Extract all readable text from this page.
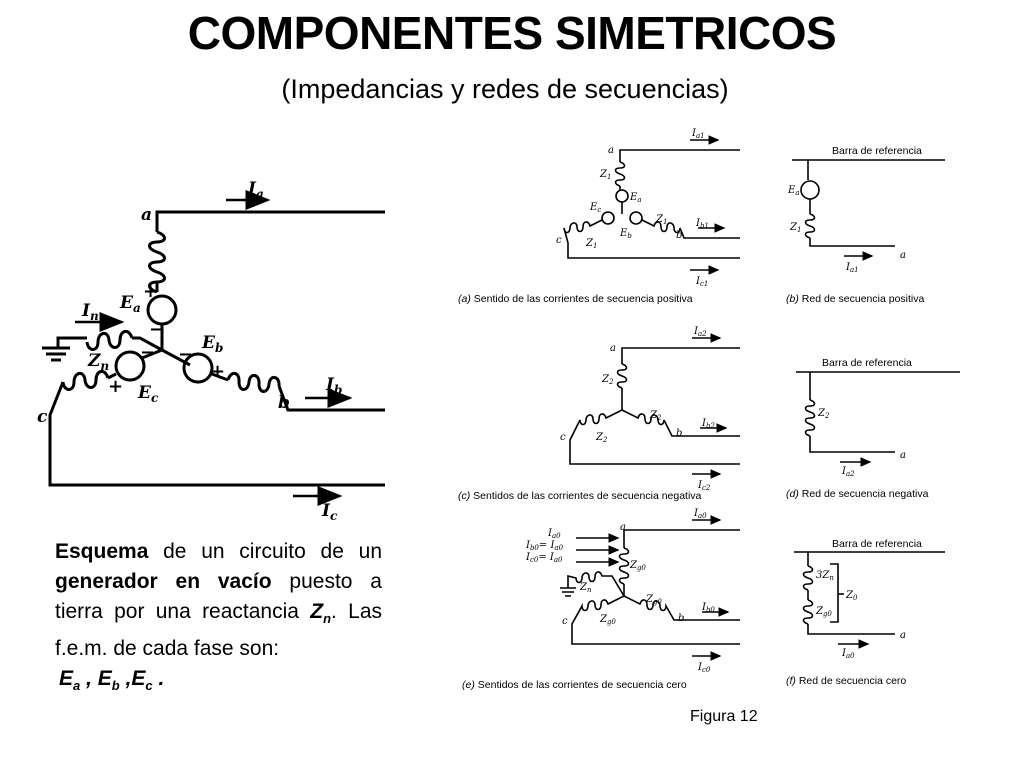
COMPONENTES SIMETRICOS

(Impedancias y redes de secuencias)

$I_a$
a
$E_a$
$I_n$
$Z_n$
$E_b$
$E_c$	b
$I_b$
c
$I_c$
+
−
−
+
+
−

Esquema de un circuito de un generador en vacío puesto a tierra por una reactancia $Z_n$. Las f.e.m. de cada fase son:
$E_a$ , $E_b$ $,E_c$ .

Figura 12
$I_{a1}$
a
$Z_1$
$E_a$
$E_c$
$E_b$
$Z_1$
b
$I_{b1}$
c $Z_1$
$I_{c1}$
(a) Sentido de las corrientes de secuencia positiva
Barra de referencia
$E_a$
$Z_1$
a
$I_{a1}$
(b) Red de secuencia positiva
$I_{a2}$
a
$Z_2$
$Z_2$
b
$I_{b2}$
c	$Z_2$
$I_{c2}$
(c) Sentidos de las corrientes de secuencia negativa
Barra de referencia
$Z_2$
a
$I_{a2}$
(d) Red de secuencia negativa
$I_{a0}$
$I_{b0}= I_{a0}$
$I_{c0}= I_{a0}$
$I_{a0}$
a
$Z_{g0}$
$Z_n$
$Z_{g0}$
b
$I_{b0}$
c	$Z_{g0}$
$I_{c0}$
(e) Sentidos de las corrientes de secuencia cero
Barra de referencia
$3Z_n$
$Z_0$
$Z_{g0}$
a
$I_{a0}$
(f) Red de secuencia cero
